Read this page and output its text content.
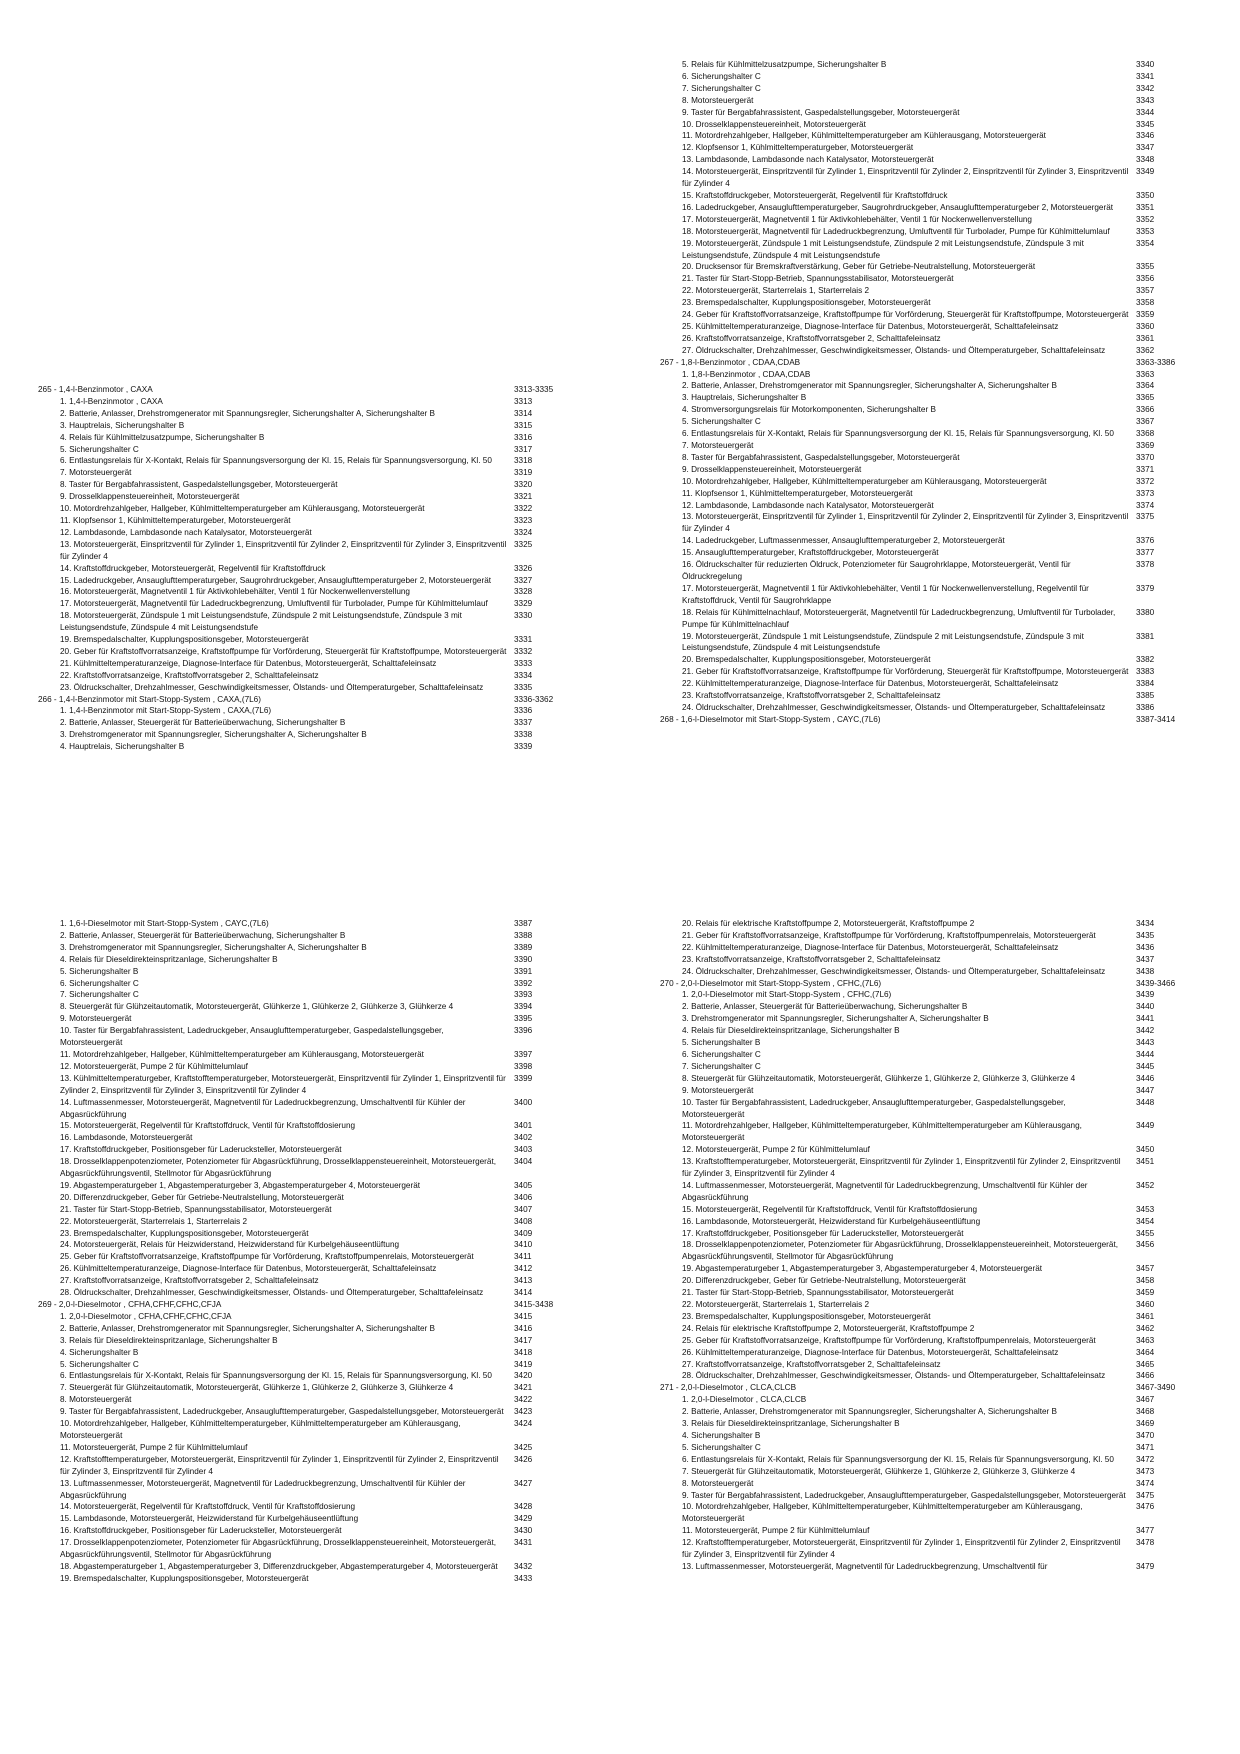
265 - 1,4-l-Benzinmotor , CAXA	3313-3335
1. 1,4-l-Benzinmotor , CAXA	3313
2. Batterie, Anlasser, Drehstromgenerator mit Spannungsregler, Sicherungshalter A, Sicherungshalter B	3314
3. Hauptrelais, Sicherungshalter B	3315
4. Relais für Kühlmittelzusatzpumpe, Sicherungshalter B	3316
5. Sicherungshalter C	3317
6. Entlastungsrelais für X-Kontakt, Relais für Spannungsversorgung der Kl. 15, Relais für Spannungsversorgung, Kl. 50	3318
7. Motorsteuergerät	3319
8. Taster für Bergabfahrassistent, Gaspedalstellungsgeber, Motorsteuergerät	3320
9. Drosselklappensteuereinheit, Motorsteuergerät	3321
10. Motordrehzahlgeber, Hallgeber, Kühlmitteltemperaturgeber am Kühlerausgang, Motorsteuergerät	3322
11. Klopfsensor 1, Kühlmitteltemperaturgeber, Motorsteuergerät	3323
12. Lambdasonde, Lambdasonde nach Katalysator, Motorsteuergerät	3324
13. Motorsteuergerät, Einspritzventil für Zylinder 1, Einspritzventil für Zylinder 2, Einspritzventil für Zylinder 3, Einspritzventil für Zylinder 4
3325
14. Kraftstoffdruckgeber, Motorsteuergerät, Regelventil für Kraftstoffdruck	3326
15. Ladedruckgeber, Ansauglufttemperaturgeber, Saugrohrdruckgeber, Ansauglufttemperaturgeber 2, Motorsteuergerät	3327
16. Motorsteuergerät, Magnetventil 1 für Aktivkohlebehälter, Ventil 1 für Nockenwellenverstellung	3328
17. Motorsteuergerät, Magnetventil für Ladedruckbegrenzung, Umluftventil für Turbolader, Pumpe für Kühlmittelumlauf	3329
18. Motorsteuergerät, Zündspule 1 mit Leistungsendstufe, Zündspule 2 mit Leistungsendstufe, Zündspule 3 mit Leistungsendstufe, Zündspule 4 mit Leistungsendstufe
3330
19. Bremspedalschalter, Kupplungspositionsgeber, Motorsteuergerät	3331
20. Geber für Kraftstoffvorratsanzeige, Kraftstoffpumpe für Vorförderung, Steuergerät für Kraftstoffpumpe, Motorsteuergerät 3332
21. Kühlmitteltemperaturanzeige, Diagnose-Interface für Datenbus, Motorsteuergerät, Schalttafeleinsatz	3333
22. Kraftstoffvorratsanzeige, Kraftstoffvorratsgeber 2, Schalttafeleinsatz	3334
23. Öldruckschalter, Drehzahlmesser, Geschwindigkeitsmesser, Ölstands- und Öltemperaturgeber, Schalttafeleinsatz	3335
266 - 1,4-l-Benzinmotor mit Start-Stopp-System , CAXA,(7L6)	3336-3362
1. 1,4-l-Benzinmotor mit Start-Stopp-System , CAXA,(7L6)	3336
2. Batterie, Anlasser, Steuergerät für Batterieüberwachung, Sicherungshalter B	3337
3. Drehstromgenerator mit Spannungsregler, Sicherungshalter A, Sicherungshalter B	3338
4. Hauptrelais, Sicherungshalter B	3339
5. Relais für Kühlmittelzusatzpumpe, Sicherungshalter B	3340
6. Sicherungshalter C	3341
7. Sicherungshalter C	3342
8. Motorsteuergerät	3343
9. Taster für Bergabfahrassistent, Gaspedalstellungsgeber, Motorsteuergerät	3344
10. Drosselklappensteuereinheit, Motorsteuergerät	3345
11. Motordrehzahlgeber, Hallgeber, Kühlmitteltemperaturgeber am Kühlerausgang, Motorsteuergerät	3346
12. Klopfsensor 1, Kühlmitteltemperaturgeber, Motorsteuergerät	3347
13. Lambdasonde, Lambdasonde nach Katalysator, Motorsteuergerät	3348
14. Motorsteuergerät, Einspritzventil für Zylinder 1, Einspritzventil für Zylinder 2, Einspritzventil für Zylinder 3, Einspritzventil für Zylinder 4
3349
15. Kraftstoffdruckgeber, Motorsteuergerät, Regelventil für Kraftstoffdruck	3350
16. Ladedruckgeber, Ansauglufttemperaturgeber, Saugrohrdruckgeber, Ansauglufttemperaturgeber 2, Motorsteuergerät	3351
17. Motorsteuergerät, Magnetventil 1 für Aktivkohlebehälter, Ventil 1 für Nockenwellenverstellung	3352
18. Motorsteuergerät, Magnetventil für Ladedruckbegrenzung, Umluftventil für Turbolader, Pumpe für Kühlmittelumlauf	3353
19. Motorsteuergerät, Zündspule 1 mit Leistungsendstufe, Zündspule 2 mit Leistungsendstufe, Zündspule 3 mit Leistungsendstufe, Zündspule 4 mit Leistungsendstufe
3354
20. Drucksensor für Bremskraftverstärkung, Geber für Getriebe-Neutralstellung, Motorsteuergerät	3355
21. Taster für Start-Stopp-Betrieb, Spannungsstabilisator, Motorsteuergerät	3356
22. Motorsteuergerät, Starterrelais 1, Starterrelais 2	3357
23. Bremspedalschalter, Kupplungspositionsgeber, Motorsteuergerät	3358
24. Geber für Kraftstoffvorratsanzeige, Kraftstoffpumpe für Vorförderung, Steuergerät für Kraftstoffpumpe, Motorsteuergerät 3359
25. Kühlmitteltemperaturanzeige, Diagnose-Interface für Datenbus, Motorsteuergerät, Schalttafeleinsatz	3360
26. Kraftstoffvorratsanzeige, Kraftstoffvorratsgeber 2, Schalttafeleinsatz	3361
27. Öldruckschalter, Drehzahlmesser, Geschwindigkeitsmesser, Ölstands- und Öltemperaturgeber, Schalttafeleinsatz	3362
267 - 1,8-l-Benzinmotor , CDAA,CDAB	3363-3386
1. 1,8-l-Benzinmotor , CDAA,CDAB	3363
2. Batterie, Anlasser, Drehstromgenerator mit Spannungsregler, Sicherungshalter A, Sicherungshalter B	3364
3. Hauptrelais, Sicherungshalter B	3365
4. Stromversorgungsrelais für Motorkomponenten, Sicherungshalter B	3366
5. Sicherungshalter C	3367
6. Entlastungsrelais für X-Kontakt, Relais für Spannungsversorgung der Kl. 15, Relais für Spannungsversorgung, Kl. 50	3368
7. Motorsteuergerät	3369
8. Taster für Bergabfahrassistent, Gaspedalstellungsgeber, Motorsteuergerät	3370
9. Drosselklappensteuereinheit, Motorsteuergerät	3371
10. Motordrehzahlgeber, Hallgeber, Kühlmitteltemperaturgeber am Kühlerausgang, Motorsteuergerät	3372
11. Klopfsensor 1, Kühlmitteltemperaturgeber, Motorsteuergerät	3373
12. Lambdasonde, Lambdasonde nach Katalysator, Motorsteuergerät	3374
13. Motorsteuergerät, Einspritzventil für Zylinder 1, Einspritzventil für Zylinder 2, Einspritzventil für Zylinder 3, Einspritzventil für Zylinder 4
3375
14. Ladedruckgeber, Luftmassenmesser, Ansauglufttemperaturgeber 2, Motorsteuergerät	3376
15. Ansauglufttemperaturgeber, Kraftstoffdruckgeber, Motorsteuergerät	3377
16. Öldruckschalter für reduzierten Öldruck, Potenziometer für Saugrohrklappe, Motorsteuergerät, Ventil für Öldruckregelung
3378
17. Motorsteuergerät, Magnetventil 1 für Aktivkohlebehälter, Ventil 1 für Nockenwellenverstellung, Regelventil für Kraftstoffdruck, Ventil für Saugrohrklappe
3379
18. Relais für Kühlmittelnachlauf, Motorsteuergerät, Magnetventil für Ladedruckbegrenzung, Umluftventil für Turbolader, Pumpe für Kühlmittelnachlauf
3380
19. Motorsteuergerät, Zündspule 1 mit Leistungsendstufe, Zündspule 2 mit Leistungsendstufe, Zündspule 3 mit Leistungsendstufe, Zündspule 4 mit Leistungsendstufe
3381
20. Bremspedalschalter, Kupplungspositionsgeber, Motorsteuergerät	3382
21. Geber für Kraftstoffvorratsanzeige, Kraftstoffpumpe für Vorförderung, Steuergerät für Kraftstoffpumpe, Motorsteuergerät 3383
22. Kühlmitteltemperaturanzeige, Diagnose-Interface für Datenbus, Motorsteuergerät, Schalttafeleinsatz	3384
23. Kraftstoffvorratsanzeige, Kraftstoffvorratsgeber 2, Schalttafeleinsatz	3385
24. Öldruckschalter, Drehzahlmesser, Geschwindigkeitsmesser, Ölstands- und Öltemperaturgeber, Schalttafeleinsatz	3386
268 - 1,6-l-Dieselmotor mit Start-Stopp-System , CAYC,(7L6)	3387-3414
1. 1,6-l-Dieselmotor mit Start-Stopp-System , CAYC,(7L6)	3387
2. Batterie, Anlasser, Steuergerät für Batterieüberwachung, Sicherungshalter B	3388
3. Drehstromgenerator mit Spannungsregler, Sicherungshalter A, Sicherungshalter B	3389
4. Relais für Dieseldirekteinspritzanlage, Sicherungshalter B	3390
5. Sicherungshalter B	3391
6. Sicherungshalter C	3392
7. Sicherungshalter C	3393
8. Steuergerät für Glühzeitautomatik, Motorsteuergerät, Glühkerze 1, Glühkerze 2, Glühkerze 3, Glühkerze 4	3394
9. Motorsteuergerät	3395
10. Taster für Bergabfahrassistent, Ladedruckgeber, Ansauglufttemperaturgeber, Gaspedalstellungsgeber, Motorsteuergerät
3396
11. Motordrehzahlgeber, Hallgeber, Kühlmitteltemperaturgeber am Kühlerausgang, Motorsteuergerät	3397
12. Motorsteuergerät, Pumpe 2 für Kühlmittelumlauf	3398
13. Kühlmitteltemperaturgeber, Kraftstofftemperaturgeber, Motorsteuergerät, Einspritzventil für Zylinder 1, Einspritzventil für Zylinder 2, Einspritzventil für Zylinder 3, Einspritzventil für Zylinder 4
3399
14. Luftmassenmesser, Motorsteuergerät, Magnetventil für Ladedruckbegrenzung, Umschaltventil für Kühler der Abgasrückführung
3400
15. Motorsteuergerät, Regelventil für Kraftstoffdruck, Ventil für Kraftstoffdosierung	3401
16. Lambdasonde, Motorsteuergerät	3402
17. Kraftstoffdruckgeber, Positionsgeber für Laderucksteller, Motorsteuergerät	3403
18. Drosselklappenpotenziometer, Potenziometer für Abgasrückführung, Drosselklappensteuereinheit, Motorsteuergerät, Abgasrückführungsventil, Stellmotor für Abgasrückführung
3404
19. Abgastemperaturgeber 1, Abgastemperaturgeber 3, Abgastemperaturgeber 4, Motorsteuergerät	3405
20. Differenzdruckgeber, Geber für Getriebe-Neutralstellung, Motorsteuergerät	3406
21. Taster für Start-Stopp-Betrieb, Spannungsstabilisator, Motorsteuergerät	3407
22. Motorsteuergerät, Starterrelais 1, Starterrelais 2	3408
23. Bremspedalschalter, Kupplungspositionsgeber, Motorsteuergerät	3409
24. Motorsteuergerät, Relais für Heizwiderstand, Heizwiderstand für Kurbelgehäuseentlüftung	3410
25. Geber für Kraftstoffvorratsanzeige, Kraftstoffpumpe für Vorförderung, Kraftstoffpumpenrelais, Motorsteuergerät	3411
26. Kühlmitteltemperaturanzeige, Diagnose-Interface für Datenbus, Motorsteuergerät, Schalttafeleinsatz	3412
27. Kraftstoffvorratsanzeige, Kraftstoffvorratsgeber 2, Schalttafeleinsatz	3413
28. Öldruckschalter, Drehzahlmesser, Geschwindigkeitsmesser, Ölstands- und Öltemperaturgeber, Schalttafeleinsatz	3414
269 - 2,0-l-Dieselmotor , CFHA,CFHF,CFHC,CFJA	3415-3438
1. 2,0-l-Dieselmotor , CFHA,CFHF,CFHC,CFJA	3415
2. Batterie, Anlasser, Drehstromgenerator mit Spannungsregler, Sicherungshalter A, Sicherungshalter B	3416
3. Relais für Dieseldirekteinspritzanlage, Sicherungshalter B	3417
4. Sicherungshalter B	3418
5. Sicherungshalter C	3419
6. Entlastungsrelais für X-Kontakt, Relais für Spannungsversorgung der Kl. 15, Relais für Spannungsversorgung, Kl. 50	3420
7. Steuergerät für Glühzeitautomatik, Motorsteuergerät, Glühkerze 1, Glühkerze 2, Glühkerze 3, Glühkerze 4	3421
8. Motorsteuergerät	3422
9. Taster für Bergabfahrassistent, Ladedruckgeber, Ansauglufttemperaturgeber, Gaspedalstellungsgeber, Motorsteuergerät	3423
10. Motordrehzahlgeber, Hallgeber, Kühlmitteltemperaturgeber, Kühlmitteltemperaturgeber am Kühlerausgang, Motorsteuergerät
3424
11. Motorsteuergerät, Pumpe 2 für Kühlmittelumlauf	3425
12. Kraftstofftemperaturgeber, Motorsteuergerät, Einspritzventil für Zylinder 1, Einspritzventil für Zylinder 2, Einspritzventil für Zylinder 3, Einspritzventil für Zylinder 4
3426
13. Luftmassenmesser, Motorsteuergerät, Magnetventil für Ladedruckbegrenzung, Umschaltventil für Kühler der Abgasrückführung
3427
14. Motorsteuergerät, Regelventil für Kraftstoffdruck, Ventil für Kraftstoffdosierung	3428
15. Lambdasonde, Motorsteuergerät, Heizwiderstand für Kurbelgehäuseentlüftung	3429
16. Kraftstoffdruckgeber, Positionsgeber für Laderucksteller, Motorsteuergerät	3430
17. Drosselklappenpotenziometer, Potenziometer für Abgasrückführung, Drosselklappensteuereinheit, Motorsteuergerät, Abgasrückführungsventil, Stellmotor für Abgasrückführung
3431
18. Abgastemperaturgeber 1, Abgastemperaturgeber 3, Differenzdruckgeber, Abgastemperaturgeber 4, Motorsteuergerät	3432
19. Bremspedalschalter, Kupplungspositionsgeber, Motorsteuergerät	3433
20. Relais für elektrische Kraftstoffpumpe 2, Motorsteuergerät, Kraftstoffpumpe 2	3434
21. Geber für Kraftstoffvorratsanzeige, Kraftstoffpumpe für Vorförderung, Kraftstoffpumpenrelais, Motorsteuergerät	3435
22. Kühlmitteltemperaturanzeige, Diagnose-Interface für Datenbus, Motorsteuergerät, Schalttafeleinsatz	3436
23. Kraftstoffvorratsanzeige, Kraftstoffvorratsgeber 2, Schalttafeleinsatz	3437
24. Öldruckschalter, Drehzahlmesser, Geschwindigkeitsmesser, Ölstands- und Öltemperaturgeber, Schalttafeleinsatz	3438
270 - 2,0-l-Dieselmotor mit Start-Stopp-System , CFHC,(7L6)	3439-3466
1. 2,0-l-Dieselmotor mit Start-Stopp-System , CFHC,(7L6)	3439
2. Batterie, Anlasser, Steuergerät für Batterieüberwachung, Sicherungshalter B	3440
3. Drehstromgenerator mit Spannungsregler, Sicherungshalter A, Sicherungshalter B	3441
4. Relais für Dieseldirekteinspritzanlage, Sicherungshalter B	3442
5. Sicherungshalter B	3443
6. Sicherungshalter C	3444
7. Sicherungshalter C	3445
8. Steuergerät für Glühzeitautomatik, Motorsteuergerät, Glühkerze 1, Glühkerze 2, Glühkerze 3, Glühkerze 4	3446
9. Motorsteuergerät	3447
10. Taster für Bergabfahrassistent, Ladedruckgeber, Ansauglufttemperaturgeber, Gaspedalstellungsgeber, Motorsteuergerät
3448
11. Motordrehzahlgeber, Hallgeber, Kühlmitteltemperaturgeber, Kühlmitteltemperaturgeber am Kühlerausgang, Motorsteuergerät
3449
12. Motorsteuergerät, Pumpe 2 für Kühlmittelumlauf	3450
13. Kraftstofftemperaturgeber, Motorsteuergerät, Einspritzventil für Zylinder 1, Einspritzventil für Zylinder 2, Einspritzventil für Zylinder 3, Einspritzventil für Zylinder 4
3451
14. Luftmassenmesser, Motorsteuergerät, Magnetventil für Ladedruckbegrenzung, Umschaltventil für Kühler der Abgasrückführung
3452
15. Motorsteuergerät, Regelventil für Kraftstoffdruck, Ventil für Kraftstoffdosierung	3453
16. Lambdasonde, Motorsteuergerät, Heizwiderstand für Kurbelgehäuseentlüftung	3454
17. Kraftstoffdruckgeber, Positionsgeber für Laderucksteller, Motorsteuergerät	3455
18. Drosselklappenpotenziometer, Potenziometer für Abgasrückführung, Drosselklappensteuereinheit, Motorsteuergerät, Abgasrückführungsventil, Stellmotor für Abgasrückführung
3456
19. Abgastemperaturgeber 1, Abgastemperaturgeber 3, Abgastemperaturgeber 4, Motorsteuergerät	3457
20. Differenzdruckgeber, Geber für Getriebe-Neutralstellung, Motorsteuergerät	3458
21. Taster für Start-Stopp-Betrieb, Spannungsstabilisator, Motorsteuergerät	3459
22. Motorsteuergerät, Starterrelais 1, Starterrelais 2	3460
23. Bremspedalschalter, Kupplungspositionsgeber, Motorsteuergerät	3461
24. Relais für elektrische Kraftstoffpumpe 2, Motorsteuergerät, Kraftstoffpumpe 2	3462
25. Geber für Kraftstoffvorratsanzeige, Kraftstoffpumpe für Vorförderung, Kraftstoffpumpenrelais, Motorsteuergerät	3463
26. Kühlmitteltemperaturanzeige, Diagnose-Interface für Datenbus, Motorsteuergerät, Schalttafeleinsatz	3464
27. Kraftstoffvorratsanzeige, Kraftstoffvorratsgeber 2, Schalttafeleinsatz	3465
28. Öldruckschalter, Drehzahlmesser, Geschwindigkeitsmesser, Ölstands- und Öltemperaturgeber, Schalttafeleinsatz	3466
271 - 2,0-l-Dieselmotor , CLCA,CLCB	3467-3490
1. 2,0-l-Dieselmotor , CLCA,CLCB	3467
2. Batterie, Anlasser, Drehstromgenerator mit Spannungsregler, Sicherungshalter A, Sicherungshalter B	3468
3. Relais für Dieseldirekteinspritzanlage, Sicherungshalter B	3469
4. Sicherungshalter B	3470
5. Sicherungshalter C	3471
6. Entlastungsrelais für X-Kontakt, Relais für Spannungsversorgung der Kl. 15, Relais für Spannungsversorgung, Kl. 50	3472
7. Steuergerät für Glühzeitautomatik, Motorsteuergerät, Glühkerze 1, Glühkerze 2, Glühkerze 3, Glühkerze 4	3473
8. Motorsteuergerät	3474
9. Taster für Bergabfahrassistent, Ladedruckgeber, Ansauglufttemperaturgeber, Gaspedalstellungsgeber, Motorsteuergerät	3475
10. Motordrehzahlgeber, Hallgeber, Kühlmitteltemperaturgeber, Kühlmitteltemperaturgeber am Kühlerausgang, Motorsteuergerät
3476
11. Motorsteuergerät, Pumpe 2 für Kühlmittelumlauf	3477
12. Kraftstofftemperaturgeber, Motorsteuergerät, Einspritzventil für Zylinder 1, Einspritzventil für Zylinder 2, Einspritzventil für Zylinder 3, Einspritzventil für Zylinder 4
3478
13. Luftmassenmesser, Motorsteuergerät, Magnetventil für Ladedruckbegrenzung, Umschaltventil für	3479
